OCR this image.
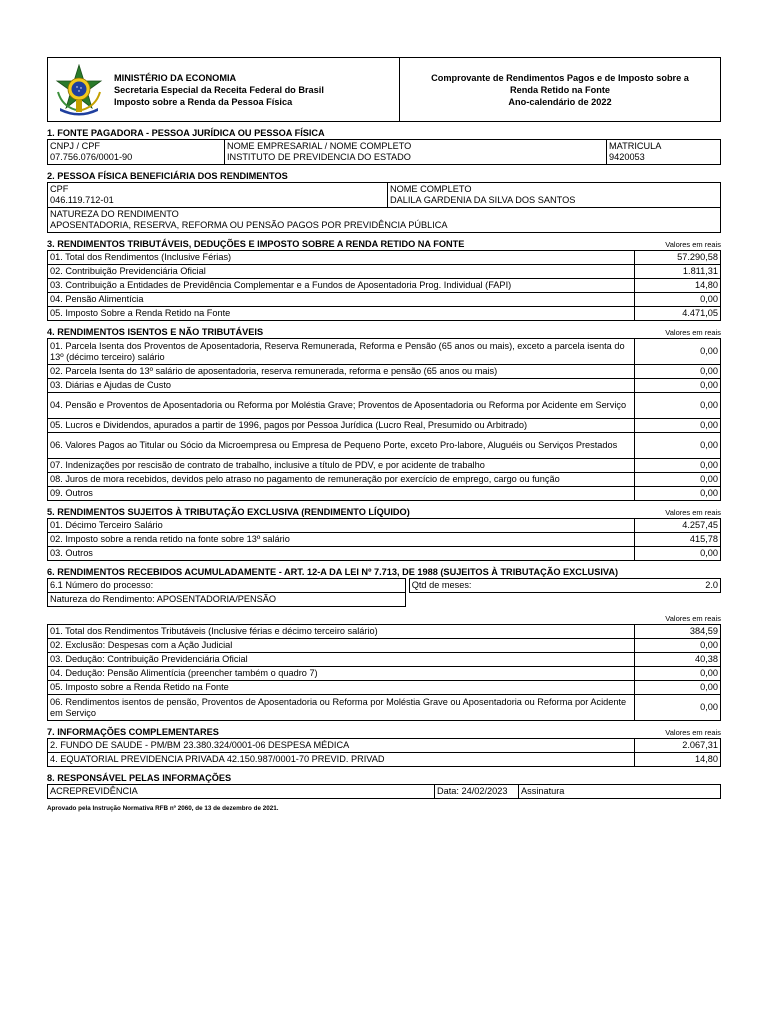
MINISTÉRIO DA ECONOMIA
Secretaria Especial da Receita Federal do Brasil
Imposto sobre a Renda da Pessoa Física
Comprovante de Rendimentos Pagos e de Imposto sobre a
Renda Retido na Fonte
Ano-calendário de 2022
1. FONTE PAGADORA - PESSOA JURÍDICA OU PESSOA FÍSICA
CNPJ / CPF
07.756.076/0001-90

NOME EMPRESARIAL / NOME COMPLETO
INSTITUTO DE PREVIDENCIA DO ESTADO

MATRICULA
9420053
2. PESSOA FÍSICA BENEFICIÁRIA DOS RENDIMENTOS
CPF
046.119.712-01

NOME COMPLETO
DALILA GARDENIA DA SILVA DOS SANTOS

NATUREZA DO RENDIMENTO
APOSENTADORIA, RESERVA, REFORMA OU PENSÃO PAGOS POR PREVIDÊNCIA PÚBLICA
3. RENDIMENTOS TRIBUTÁVEIS, DEDUÇÕES E IMPOSTO SOBRE A RENDA RETIDO NA FONTE	Valores em reais
01. Total dos Rendimentos (Inclusive Férias)	57.290,58
02. Contribuição Previdenciária Oficial	1.811,31
03. Contribuição a Entidades de Previdência Complementar e a Fundos de Aposentadoria Prog. Individual (FAPI)	14,80
04. Pensão Alimentícia	0,00
05. Imposto Sobre a Renda Retido na Fonte	4.471,05
4. RENDIMENTOS ISENTOS E NÃO TRIBUTÁVEIS	Valores em reais
01. Parcela Isenta dos Proventos de Aposentadoria, Reserva Remunerada, Reforma e Pensão (65 anos ou mais), exceto a parcela isenta do 13º (décimo terceiro) salário	0,00
02. Parcela Isenta do 13º salário de aposentadoria, reserva remunerada, reforma e pensão (65 anos ou mais)	0,00
03. Diárias e Ajudas de Custo	0,00
04. Pensão e Proventos de Aposentadoria ou Reforma por Moléstia Grave; Proventos de Aposentadoria ou Reforma por Acidente em Serviço	0,00
05. Lucros e Dividendos, apurados a partir de 1996, pagos por Pessoa Jurídica (Lucro Real, Presumido ou Arbitrado)	0,00
06. Valores Pagos ao Titular ou Sócio da Microempresa ou Empresa de Pequeno Porte, exceto Pro-labore, Aluguéis ou Serviços Prestados	0,00
07. Indenizações por rescisão de contrato de trabalho, inclusive a título de PDV, e por acidente de trabalho	0,00
08. Juros de mora recebidos, devidos pelo atraso no pagamento de remuneração por exercício de emprego, cargo ou função	0,00
09. Outros	0,00
5. RENDIMENTOS SUJEITOS À TRIBUTAÇÃO EXCLUSIVA (RENDIMENTO LÍQUIDO)	Valores em reais
01. Décimo Terceiro Salário	4.257,45
02. Imposto sobre a renda retido na fonte sobre 13º salário	415,78
03. Outros	0,00
6. RENDIMENTOS RECEBIDOS ACUMULADAMENTE - ART. 12-A DA LEI Nº 7.713, DE 1988 (SUJEITOS À TRIBUTAÇÃO EXCLUSIVA)
6.1 Número do processo:		Qtd de meses:	2.0
Natureza do Rendimento: APOSENTADORIA/PENSÃO			
Valores em reais
01. Total dos Rendimentos Tributáveis (Inclusive férias e décimo terceiro salário)	384,59
02. Exclusão: Despesas com a Ação Judicial	0,00
03. Dedução: Contribuição Previdenciária Oficial	40,38
04. Dedução: Pensão Alimentícia (preencher também o quadro 7)	0,00
05. Imposto sobre a Renda Retido na Fonte	0,00
06. Rendimentos isentos de pensão, Proventos de Aposentadoria ou Reforma por Moléstia Grave ou Aposentadoria ou Reforma por Acidente em Serviço	0,00
7. INFORMAÇÕES COMPLEMENTARES	Valores em reais
2. FUNDO DE SAUDE - PM/BM 23.380.324/0001-06 DESPESA MÉDICA	2.067,31
4. EQUATORIAL PREVIDENCIA PRIVADA 42.150.987/0001-70 PREVID. PRIVAD	14,80
8. RESPONSÁVEL PELAS INFORMAÇÕES
ACREPREVIDÊNCIA	Data: 24/02/2023	Assinatura
Aprovado pela Instrução Normativa RFB nº 2060, de 13 de dezembro de 2021.
